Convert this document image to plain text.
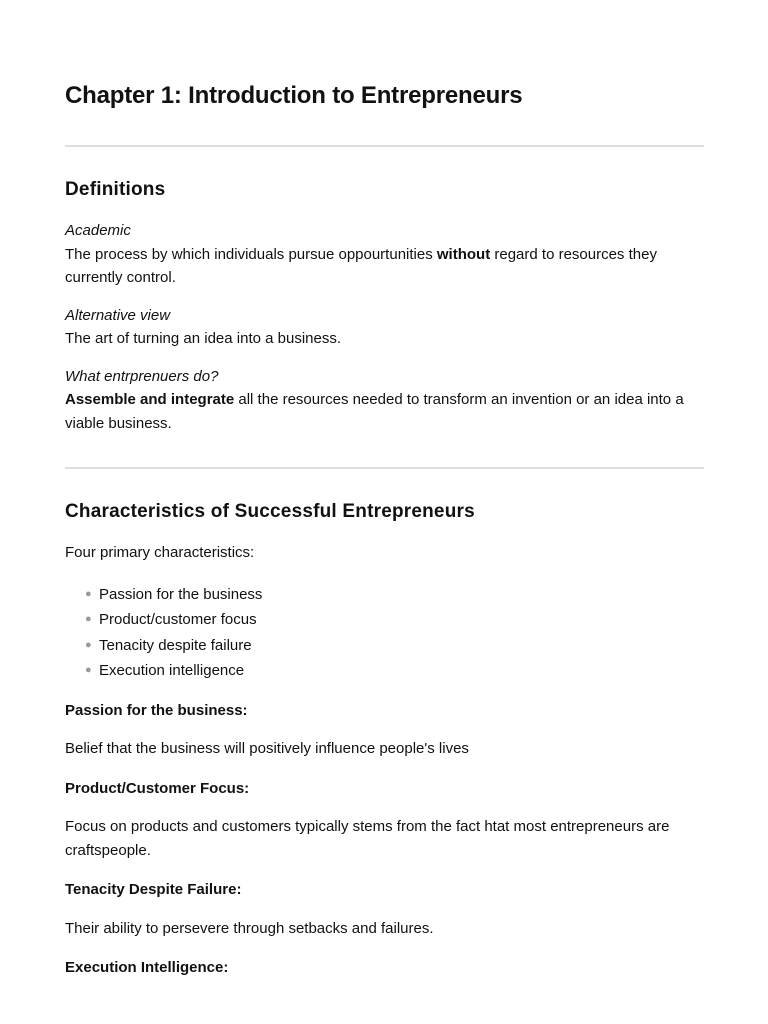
Chapter 1: Introduction to Entrepreneurs
Definitions
Academic
The process by which individuals pursue oppourtunities without regard to resources they currently control.
Alternative view
The art of turning an idea into a business.
What entrprenuers do?
Assemble and integrate all the resources needed to transform an invention or an idea into a viable business.
Characteristics of Successful Entrepreneurs

Four primary characteristics:

● Passion for the business
● Product/customer focus
● Tenacity despite failure
● Execution intelligence

Passion for the business:

Belief that the business will positively influence people's lives

Product/Customer Focus:

Focus on products and customers typically stems from the fact htat most entrepreneurs are craftspeople.

Tenacity Despite Failure:

Their ability to persevere through setbacks and failures.

Execution Intelligence:
